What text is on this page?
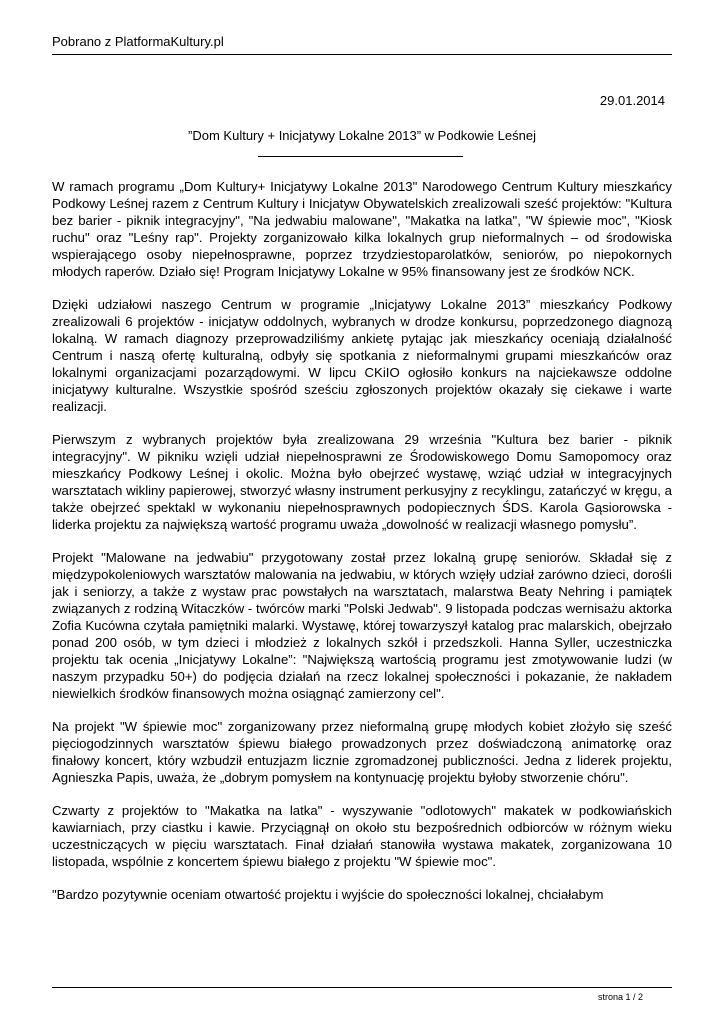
Pobrano z PlatformaKultury.pl
29.01.2014
”Dom Kultury + Inicjatywy Lokalne 2013” w Podkowie Leśnej

W ramach programu „Dom Kultury+ Inicjatywy Lokalne 2013" Narodowego Centrum Kultury mieszkańcy Podkowy Leśnej razem z Centrum Kultury i Inicjatyw Obywatelskich zrealizowali sześć projektów: "Kultura bez barier - piknik integracyjny", "Na jedwabiu malowane", "Makatka na latka", "W śpiewie moc", "Kiosk ruchu" oraz "Leśny rap". Projekty zorganizowało kilka lokalnych grup nieformalnych – od środowiska wspierającego osoby niepełnosprawne, poprzez trzydziestoparolatków, seniorów, po niepokornych młodych raperów. Działo się! Program Inicjatywy Lokalne w 95% finansowany jest ze środków NCK.

Dzięki udziałowi naszego Centrum w programie „Inicjatywy Lokalne 2013” mieszkańcy Podkowy zrealizowali 6 projektów - inicjatyw oddolnych, wybranych w drodze konkursu, poprzedzonego diagnozą lokalną. W ramach diagnozy przeprowadziliśmy ankietę pytając jak mieszkańcy oceniają działalność Centrum i naszą ofertę kulturalną, odbyły się spotkania z nieformalnymi grupami mieszkańców oraz lokalnymi organizacjami pozarządowymi. W lipcu CKiIO ogłosiło konkurs na najciekawsze oddolne inicjatywy kulturalne. Wszystkie spośród sześciu zgłoszonych projektów okazały się ciekawe i warte realizacji.

Pierwszym z wybranych projektów była zrealizowana 29 września "Kultura bez barier - piknik integracyjny". W pikniku wzięli udział niepełnosprawni ze Środowiskowego Domu Samopomocy oraz mieszkańcy Podkowy Leśnej i okolic. Można było obejrzeć wystawę, wziąć udział w integracyjnych warsztatach wikliny papierowej, stworzyć własny instrument perkusyjny z recyklingu, zatańczyć w kręgu, a także obejrzeć spektakl w wykonaniu niepełnosprawnych podopiecznych ŚDS. Karola Gąsiorowska - liderka projektu za największą wartość programu uważa „dowolność w realizacji własnego pomysłu”.

Projekt "Malowane na jedwabiu" przygotowany został przez lokalną grupę seniorów. Składał się z międzypokoleniowych warsztatów malowania na jedwabiu, w których wzięły udział zarówno dzieci, dorośli jak i seniorzy, a także z wystaw prac powstałych na warsztatach, malarstwa Beaty Nehring i pamiątek związanych z rodziną Witaczków - twórców marki "Polski Jedwab". 9 listopada podczas wernisażu aktorka Zofia Kucówna czytała pamiętniki malarki. Wystawę, której towarzyszył katalog prac malarskich, obejrzało ponad 200 osób, w tym dzieci i młodzież z lokalnych szkół i przedszkoli. Hanna Syller, uczestniczka projektu tak ocenia „Inicjatywy Lokalne”: "Największą wartością programu jest zmotywowanie ludzi (w naszym przypadku 50+) do podjęcia działań na rzecz lokalnej społeczności i pokazanie, że nakładem niewielkich środków finansowych można osiągnąć zamierzony cel".

Na projekt "W śpiewie moc" zorganizowany przez nieformalną grupę młodych kobiet złożyło się sześć pięciogodzinnych warsztatów śpiewu białego prowadzonych przez doświadczoną animatorkę oraz finałowy koncert, który wzbudził entuzjazm licznie zgromadzonej publiczności. Jedna z liderek projektu, Agnieszka Papis, uważa, że „dobrym pomysłem na kontynuację projektu byłoby stworzenie chóru".

Czwarty z projektów to "Makatka na latka" - wyszywanie "odlotowych" makatek w podkowiańskich kawiarniach, przy ciastku i kawie. Przyciągnął on około stu bezpośrednich odbiorców w różnym wieku uczestniczących w pięciu warsztatach. Finał działań stanowiła wystawa makatek, zorganizowana 10 listopada, wspólnie z koncertem śpiewu białego z projektu "W śpiewie moc".

"Bardzo pozytywnie oceniam otwartość projektu i wyjście do społeczności lokalnej, chciałabym

strona 1 / 2
